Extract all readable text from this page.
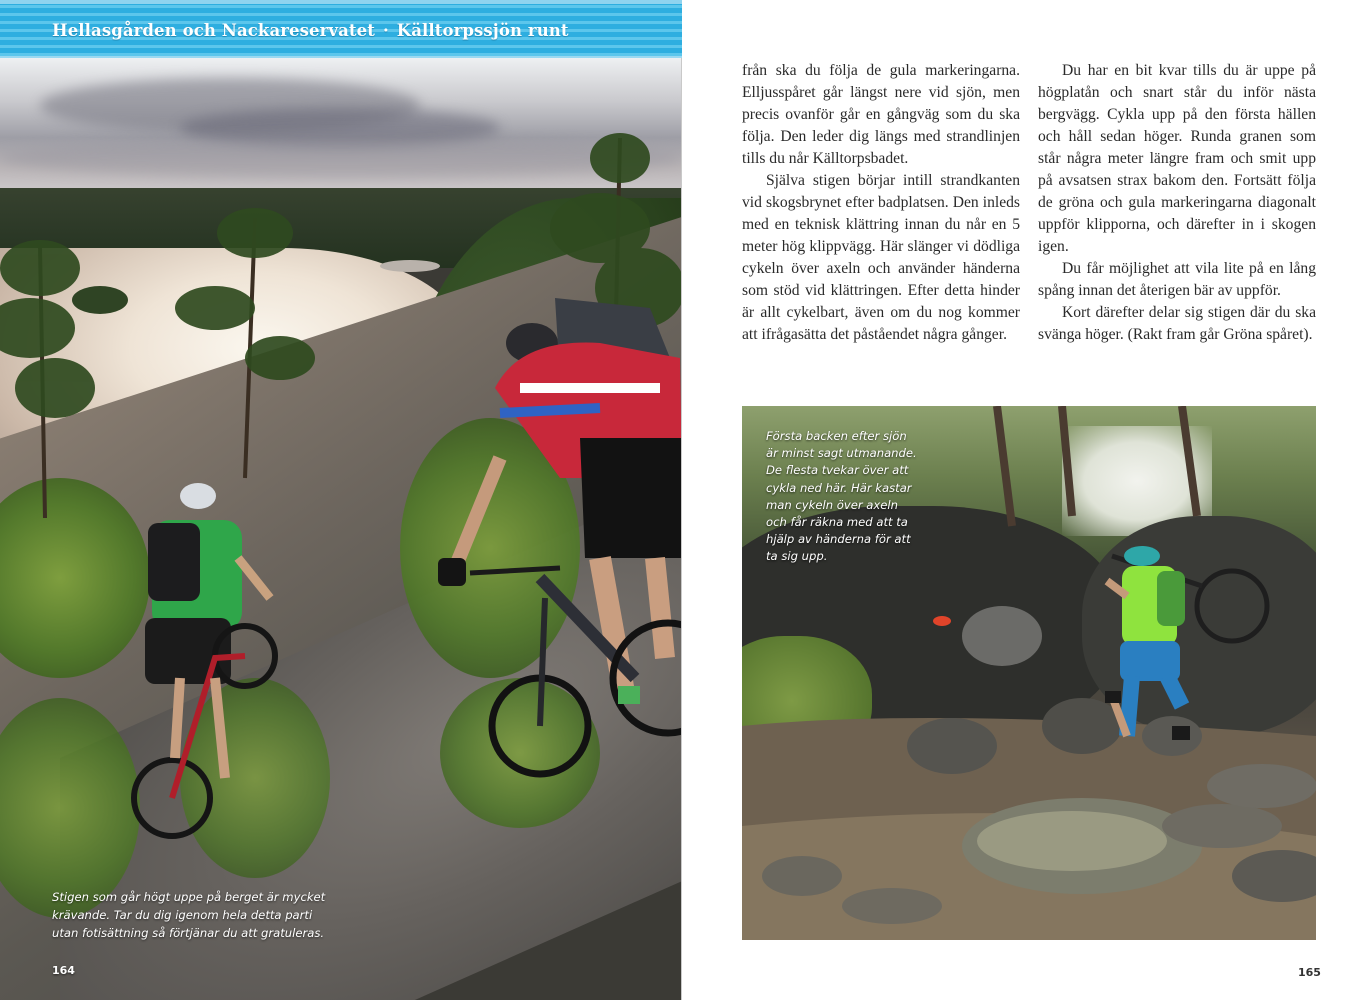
Hellasgården och Nackareservatet · Källtorpssjön runt

Stigen som går högt uppe på berget är mycket

krävande. Tar du dig igenom hela detta parti

utan fotisättning så förtjänar du att gratuleras.

164

från ska du följa de gula markeringarna. Elljusspåret går längst nere vid sjön, men precis ovanför går en gångväg som du ska följa. Den leder dig längs med strandlinjen tills du når Källtorpsbadet.

Själva stigen börjar intill strandkanten vid skogsbrynet efter badplatsen. Den inleds med en teknisk klättring innan du når en 5 meter hög klippvägg. Här slänger vi dödliga cykeln över axeln och använder händerna som stöd vid klättringen. Efter detta hinder är allt cykelbart, även om du nog kommer att ifrågasätta det påståendet några gånger.

Du har en bit kvar tills du är uppe på högplatån och snart står du inför nästa bergvägg. Cykla upp på den första hällen och håll sedan höger. Runda granen som står några meter längre fram och smit upp på avsatsen strax bakom den. Fortsätt följa de gröna och gula markeringarna diagonalt uppför klipporna, och därefter in i skogen igen.

Du får möjlighet att vila lite på en lång spång innan det återigen bär av uppför.

Kort därefter delar sig stigen där du ska svänga höger. (Rakt fram går Gröna spåret).

Första backen efter sjön

är minst sagt utmanande.

De flesta tvekar över att

cykla ned här. Här kastar

man cykeln över axeln

och får räkna med att ta

hjälp av händerna för att

ta sig upp.

165
